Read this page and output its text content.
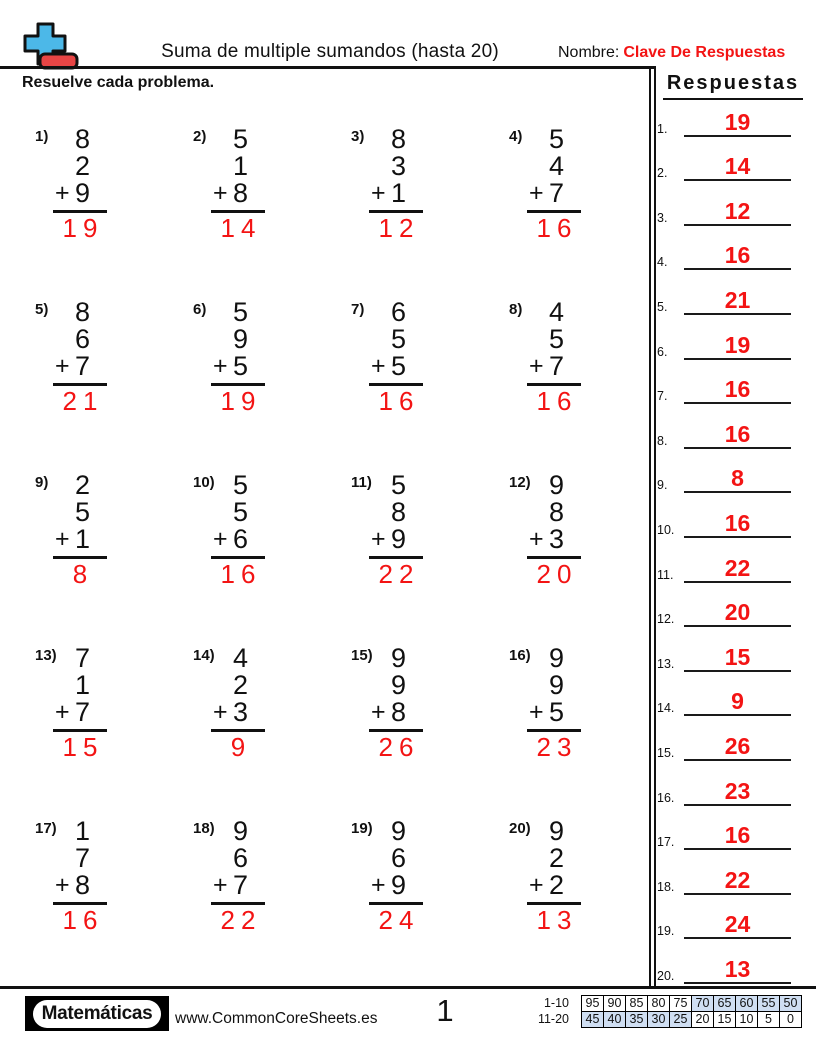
Suma de multiple sumandos (hasta 20)	Nombre: Clave De Respuestas
Resuelve cada problema.
1) 8
2
+ 9
19
2) 5
1
+ 8
14
3) 8
3
+ 1
12
4) 5
4
+ 7
16
5) 8
6
+ 7
21
6) 5
9
+ 5
19
7) 6
5
+ 5
16
8) 4
5
+ 7
16
9) 2
5
+ 1
8
10) 5
5
+ 6
16
11) 5
8
+ 9
22
12) 9
8
+ 3
20
13) 7
1
+ 7
15
14) 4
2
+ 3
9
15) 9
9
+ 8
26
16) 9
9
+ 5
23
17) 1
7
+ 8
16
18) 9
6
+ 7
22
19) 9
6
+ 9
24
20) 9
2
+ 2
13
Respuestas
1.	19
2.	14
3.	12
4.	16
5.	21
6.	19
7.	16
8.	16
9.	8
10.	16
11.	22
12.	20
13.	15
14.	9
15.	26
16.	23
17.	16
18.	22
19.	24
20.	13
Matemáticas	www.CommonCoreSheets.es	1	1-10	95 90 85 80 75 70 65 60 55 50
11-20	45 40 35 30 25 20 15 10 5	0
